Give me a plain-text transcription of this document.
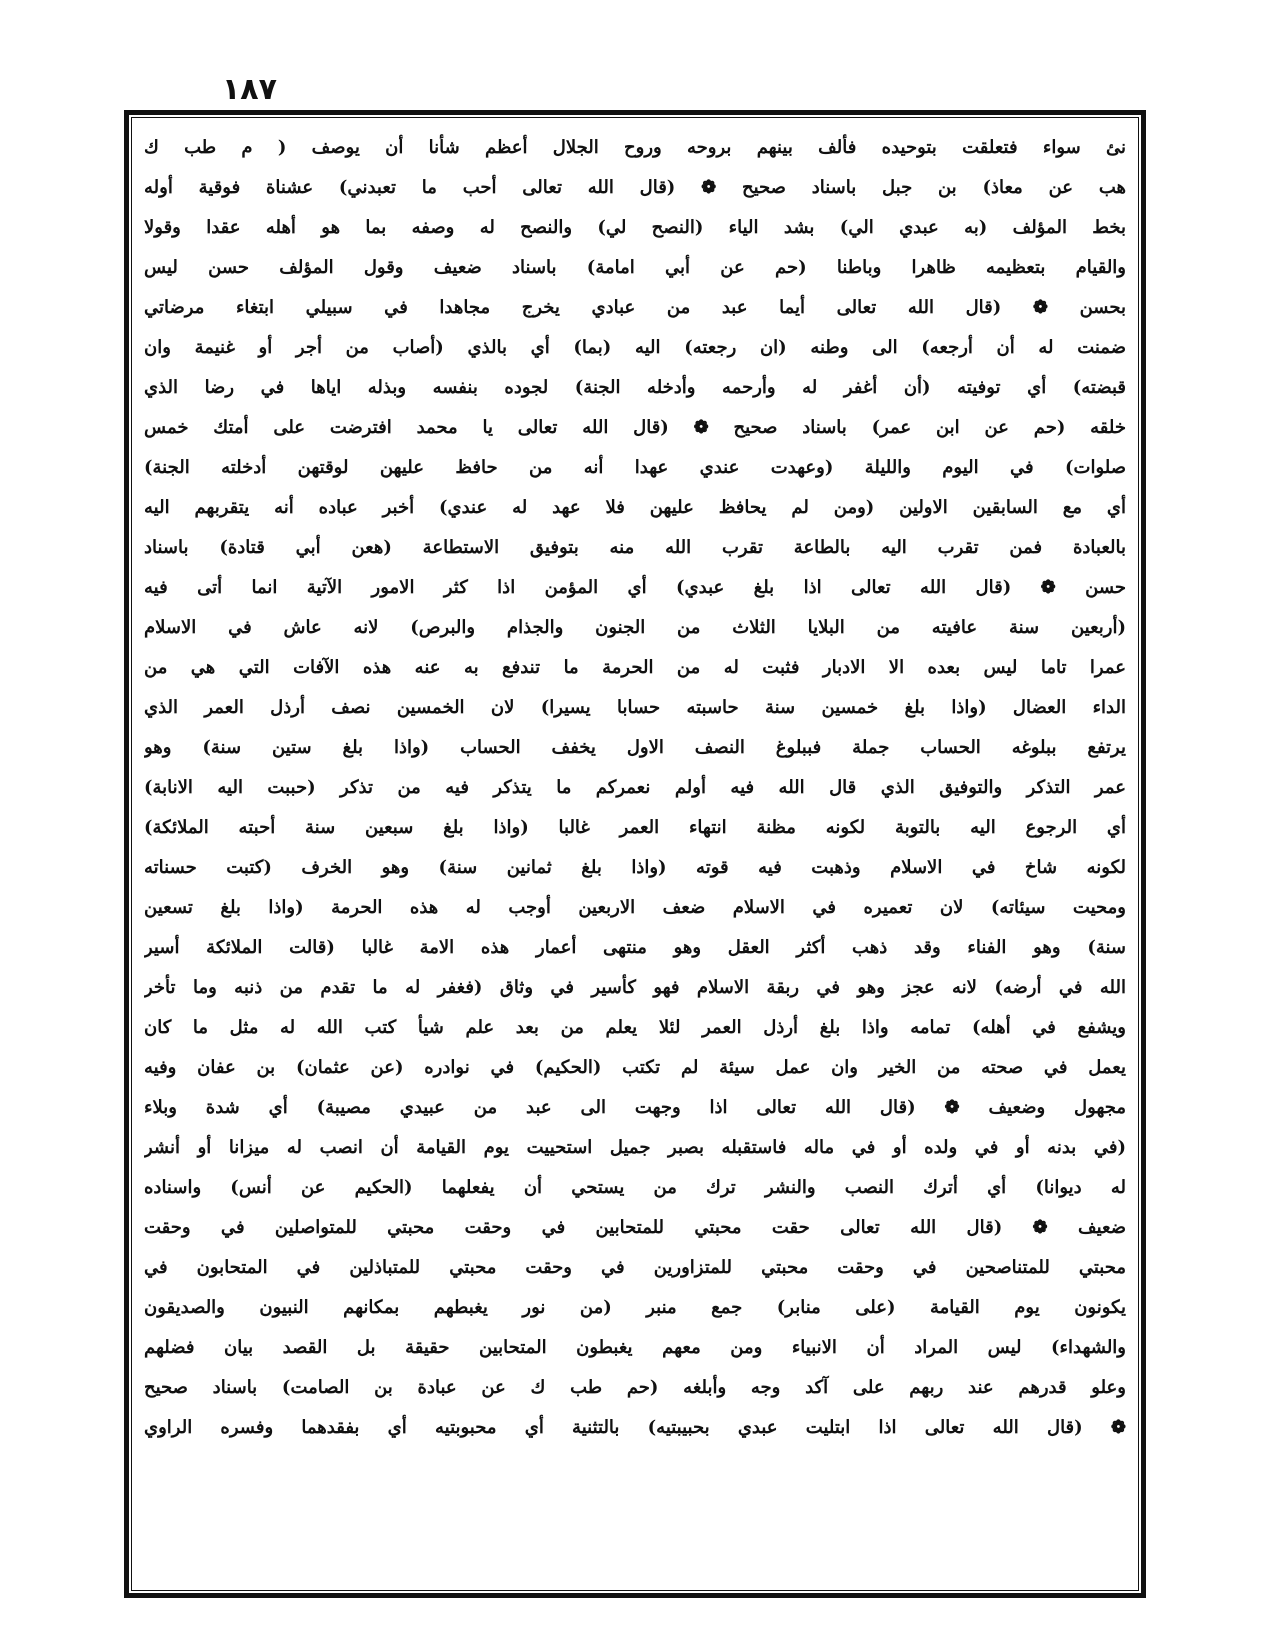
١٨٧
نئ سواء فتعلقت بتوحيده فألف بينهم بروحه وروح الجلال أعظم شأنا أن يوصف ( م طب ك
هب عن معاذ) بن جبل باسناد صحيح ❁ (قال الله تعالى أحب ما تعبدني) عشناة فوقية أوله
بخط المؤلف (به عبدي الي) بشد الياء (النصح لي) والنصح له وصفه بما هو أهله عقدا وقولا
والقيام بتعظيمه ظاهرا وباطنا (حم عن أبي امامة) باسناد ضعيف وقول المؤلف حسن ليس
بحسن ❁ (قال الله تعالى أيما عبد من عبادي يخرج مجاهدا في سبيلي ابتغاء مرضاتي
ضمنت له أن أرجعه) الى وطنه (ان رجعته) اليه (بما) أي بالذي (أصاب من أجر أو غنيمة وان
قبضته) أي توفيته (أن أغفر له وأرحمه وأدخله الجنة) لجوده بنفسه وبذله اياها في رضا الذي
خلقه (حم عن ابن عمر) باسناد صحيح ❁ (قال الله تعالى يا محمد افترضت على أمتك خمس
صلوات) في اليوم والليلة (وعهدت عندي عهدا أنه من حافظ عليهن لوقتهن أدخلته الجنة)
أي مع السابقين الاولين (ومن لم يحافظ عليهن فلا عهد له عندي) أخبر عباده أنه يتقربهم اليه
بالعبادة فمن تقرب اليه بالطاعة تقرب الله منه بتوفيق الاستطاعة (هعن أبي قتادة) باسناد
حسن ❁ (قال الله تعالى اذا بلغ عبدي) أي المؤمن اذا كثر الامور الآتية انما أتى فيه
(أربعين سنة عافيته من البلايا الثلاث من الجنون والجذام والبرص) لانه عاش في الاسلام
عمرا تاما ليس بعده الا الادبار فثبت له من الحرمة ما تندفع به عنه هذه الآفات التي هي من
الداء العضال (واذا بلغ خمسين سنة حاسبته حسابا يسيرا) لان الخمسين نصف أرذل العمر الذي
يرتفع ببلوغه الحساب جملة فببلوغ النصف الاول يخفف الحساب (واذا بلغ ستين سنة) وهو
عمر التذكر والتوفيق الذي قال الله فيه أولم نعمركم ما يتذكر فيه من تذكر (حببت اليه الانابة)
أي الرجوع اليه بالتوبة لكونه مظنة انتهاء العمر غالبا (واذا بلغ سبعين سنة أحبته الملائكة)
لكونه شاخ في الاسلام وذهبت فيه قوته (واذا بلغ ثمانين سنة) وهو الخرف (كتبت حسناته
ومحيت سيئاته) لان تعميره في الاسلام ضعف الاربعين أوجب له هذه الحرمة (واذا بلغ تسعين
سنة) وهو الفناء وقد ذهب أكثر العقل وهو منتهى أعمار هذه الامة غالبا (قالت الملائكة أسير
الله في أرضه) لانه عجز وهو في ربقة الاسلام فهو كأسير في وثاق (فغفر له ما تقدم من ذنبه وما تأخر
ويشفع في أهله) تمامه واذا بلغ أرذل العمر لئلا يعلم من بعد علم شيأ كتب الله له مثل ما كان
يعمل في صحته من الخير وان عمل سيئة لم تكتب (الحكيم) في نوادره (عن عثمان) بن عفان وفيه
مجهول وضعيف ❁ (قال الله تعالى اذا وجهت الى عبد من عبيدي مصيبة) أي شدة وبلاء
(في بدنه أو في ولده أو في ماله فاستقبله بصبر جميل استحييت يوم القيامة أن انصب له ميزانا أو أنشر
له ديوانا) أي أترك النصب والنشر ترك من يستحي أن يفعلهما (الحكيم عن أنس) واسناده
ضعيف ❁ (قال الله تعالى حقت محبتي للمتحابين في وحقت محبتي للمتواصلين في وحقت
محبتي للمتناصحين في وحقت محبتي للمتزاورين في وحقت محبتي للمتباذلين في المتحابون في
يكونون يوم القيامة (على منابر) جمع منبر (من نور يغبطهم بمكانهم النبيون والصديقون
والشهداء) ليس المراد أن الانبياء ومن معهم يغبطون المتحابين حقيقة بل القصد بيان فضلهم
وعلو قدرهم عند ربهم على آكد وجه وأبلغه (حم طب ك عن عبادة بن الصامت) باسناد صحيح
❁ (قال الله تعالى اذا ابتليت عبدي بحبيبتيه) بالتثنية أي محبوبتيه أي بفقدهما وفسره الراوي
